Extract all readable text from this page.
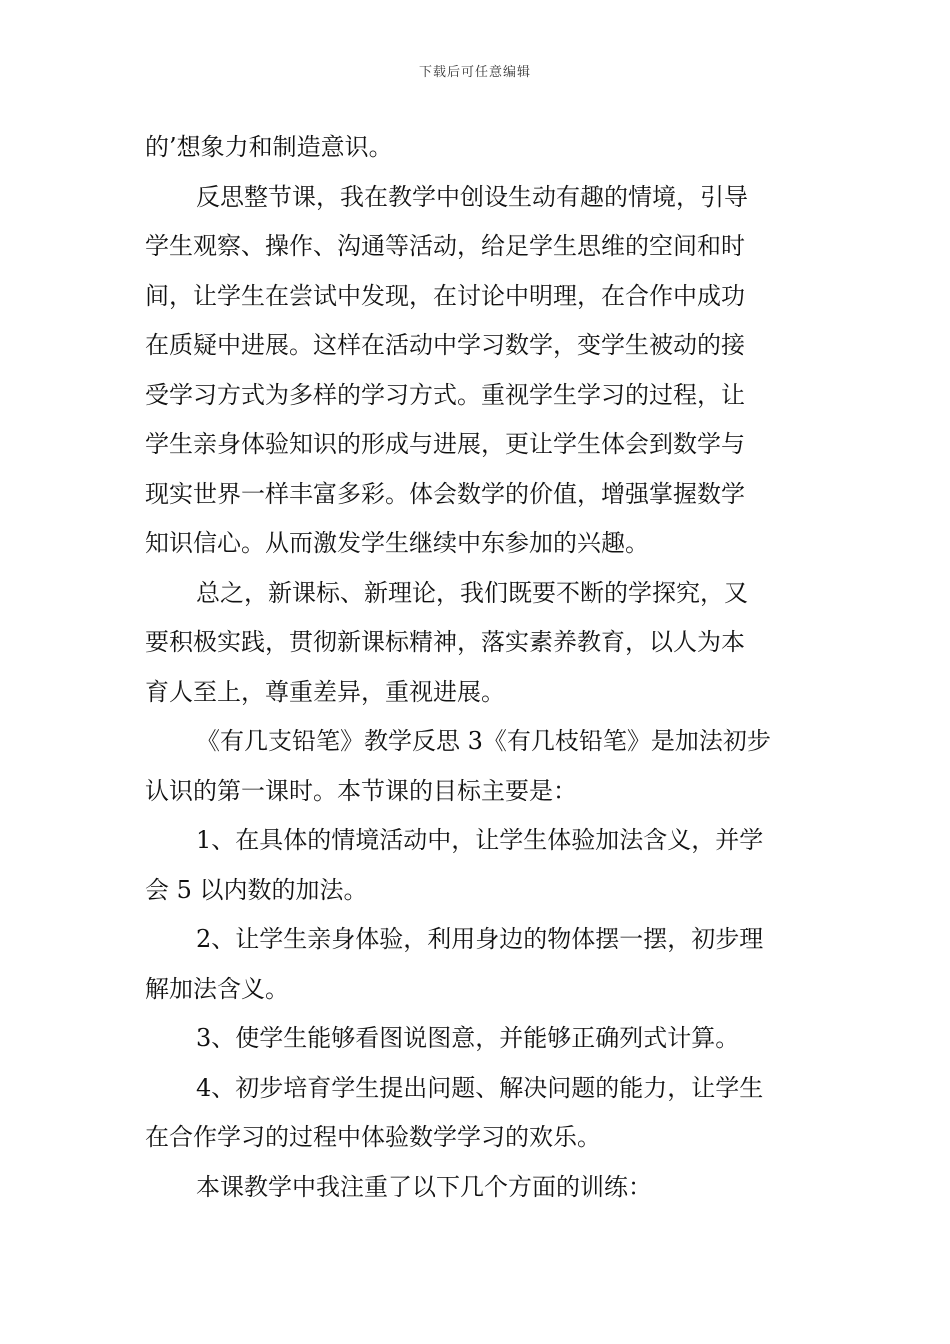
下载后可任意编辑
的’想象力和制造意识。
反思整节课，我在教学中创设生动有趣的情境，引导
学生观察、操作、沟通等活动，给足学生思维的空间和时
间，让学生在尝试中发现，在讨论中明理，在合作中成功
在质疑中进展。这样在活动中学习数学，变学生被动的接
受学习方式为多样的学习方式。重视学生学习的过程，让
学生亲身体验知识的形成与进展，更让学生体会到数学与
现实世界一样丰富多彩。体会数学的价值，增强掌握数学
知识信心。从而激发学生继续中东参加的兴趣。
总之，新课标、新理论，我们既要不断的学探究，又
要积极实践，贯彻新课标精神，落实素养教育，以人为本
育人至上，尊重差异，重视进展。
《有几支铅笔》教学反思 3《有几枝铅笔》是加法初步
认识的第一课时。本节课的目标主要是：
1、在具体的情境活动中，让学生体验加法含义，并学
会 5 以内数的加法。
2、让学生亲身体验，利用身边的物体摆一摆，初步理
解加法含义。
3、使学生能够看图说图意，并能够正确列式计算。
4、初步培育学生提出问题、解决问题的能力，让学生
在合作学习的过程中体验数学学习的欢乐。
本课教学中我注重了以下几个方面的训练：
